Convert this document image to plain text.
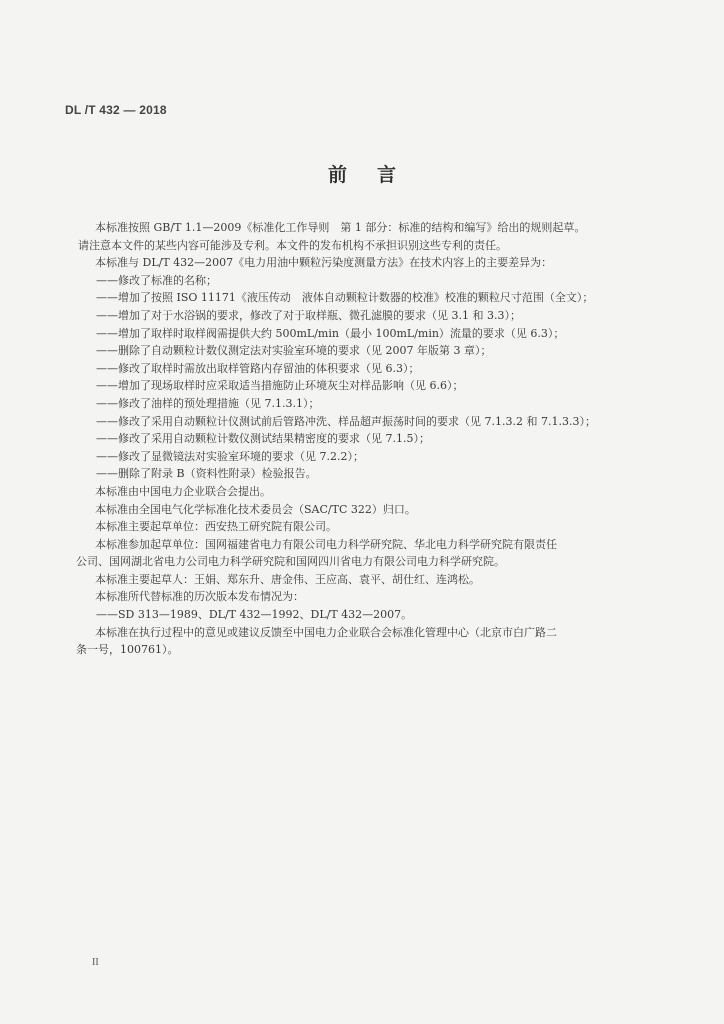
DL /T 432 — 2018
前言
本标准按照 GB/T 1.1—2009《标准化工作导则　第 1 部分：标准的结构和编写》给出的规则起草。
请注意本文件的某些内容可能涉及专利。本文件的发布机构不承担识别这些专利的责任。
本标准与 DL/T 432—2007《电力用油中颗粒污染度测量方法》在技术内容上的主要差异为：
——修改了标准的名称；
——增加了按照 ISO 11171《液压传动　液体自动颗粒计数器的校准》校准的颗粒尺寸范围（全文）；
——增加了对于水浴锅的要求，修改了对于取样瓶、微孔滤膜的要求（见 3.1 和 3.3）；
——增加了取样时取样阀需提供大约 500mL/min（最小 100mL/min）流量的要求（见 6.3）；
——删除了自动颗粒计数仪测定法对实验室环境的要求（见 2007 年版第 3 章）；
——修改了取样时需放出取样管路内存留油的体积要求（见 6.3）；
——增加了现场取样时应采取适当措施防止环境灰尘对样品影响（见 6.6）；
——修改了油样的预处理措施（见 7.1.3.1）；
——修改了采用自动颗粒计仪测试前后管路冲洗、样品超声振荡时间的要求（见 7.1.3.2 和 7.1.3.3）；
——修改了采用自动颗粒计数仪测试结果精密度的要求（见 7.1.5）；
——修改了显微镜法对实验室环境的要求（见 7.2.2）；
——删除了附录 B（资料性附录）检验报告。
本标准由中国电力企业联合会提出。
本标准由全国电气化学标准化技术委员会（SAC/TC 322）归口。
本标准主要起草单位：西安热工研究院有限公司。
本标准参加起草单位：国网福建省电力有限公司电力科学研究院、华北电力科学研究院有限责任
公司、国网湖北省电力公司电力科学研究院和国网四川省电力有限公司电力科学研究院。
本标准主要起草人：王娟、郑东升、唐金伟、王应高、袁平、胡仕红、连鸿松。
本标准所代替标准的历次版本发布情况为：
——SD 313—1989、DL/T 432—1992、DL/T 432—2007。
本标准在执行过程中的意见或建议反馈至中国电力企业联合会标准化管理中心（北京市白广路二
条一号，100761）。
II
